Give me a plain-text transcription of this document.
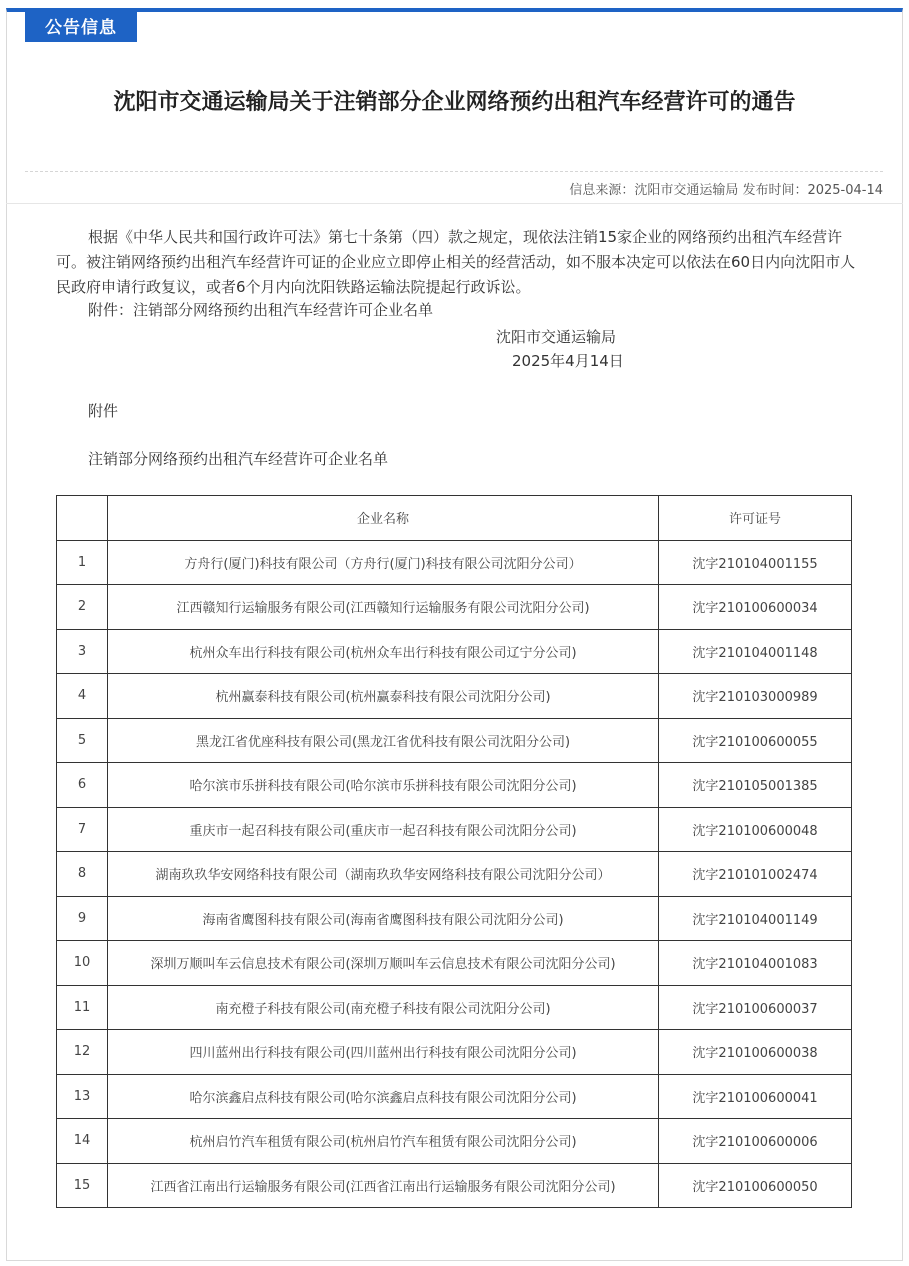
公告信息
沈阳市交通运输局关于注销部分企业网络预约出租汽车经营许可的通告
信息来源：沈阳市交通运输局 发布时间：2025-04-14
根据《中华人民共和国行政许可法》第七十条第（四）款之规定，现依法注销15家企业的网络预约出租汽车经营许可。被注销网络预约出租汽车经营许可证的企业应立即停止相关的经营活动，如不服本决定可以依法在60日内向沈阳市人民政府申请行政复议，或者6个月内向沈阳铁路运输法院提起行政诉讼。
附件：注销部分网络预约出租汽车经营许可企业名单
沈阳市交通运输局
2025年4月14日
附件
注销部分网络预约出租汽车经营许可企业名单
	企业名称	许可证号
1	方舟行(厦门)科技有限公司（方舟行(厦门)科技有限公司沈阳分公司）	沈字210104001155
2	江西赣知行运输服务有限公司(江西赣知行运输服务有限公司沈阳分公司)	沈字210100600034
3	杭州众车出行科技有限公司(杭州众车出行科技有限公司辽宁分公司)	沈字210104001148
4	杭州赢泰科技有限公司(杭州赢泰科技有限公司沈阳分公司)	沈字210103000989
5	黑龙江省优座科技有限公司(黑龙江省优科技有限公司沈阳分公司)	沈字210100600055
6	哈尔滨市乐拼科技有限公司(哈尔滨市乐拼科技有限公司沈阳分公司)	沈字210105001385
7	重庆市一起召科技有限公司(重庆市一起召科技有限公司沈阳分公司)	沈字210100600048
8	湖南玖玖华安网络科技有限公司（湖南玖玖华安网络科技有限公司沈阳分公司）	沈字210101002474
9	海南省鹰图科技有限公司(海南省鹰图科技有限公司沈阳分公司)	沈字210104001149
10	深圳万顺叫车云信息技术有限公司(深圳万顺叫车云信息技术有限公司沈阳分公司)	沈字210104001083
11	南充橙子科技有限公司(南充橙子科技有限公司沈阳分公司)	沈字210100600037
12	四川蓝州出行科技有限公司(四川蓝州出行科技有限公司沈阳分公司)	沈字210100600038
13	哈尔滨鑫启点科技有限公司(哈尔滨鑫启点科技有限公司沈阳分公司)	沈字210100600041
14	杭州启竹汽车租赁有限公司(杭州启竹汽车租赁有限公司沈阳分公司)	沈字210100600006
15	江西省江南出行运输服务有限公司(江西省江南出行运输服务有限公司沈阳分公司)	沈字210100600050
